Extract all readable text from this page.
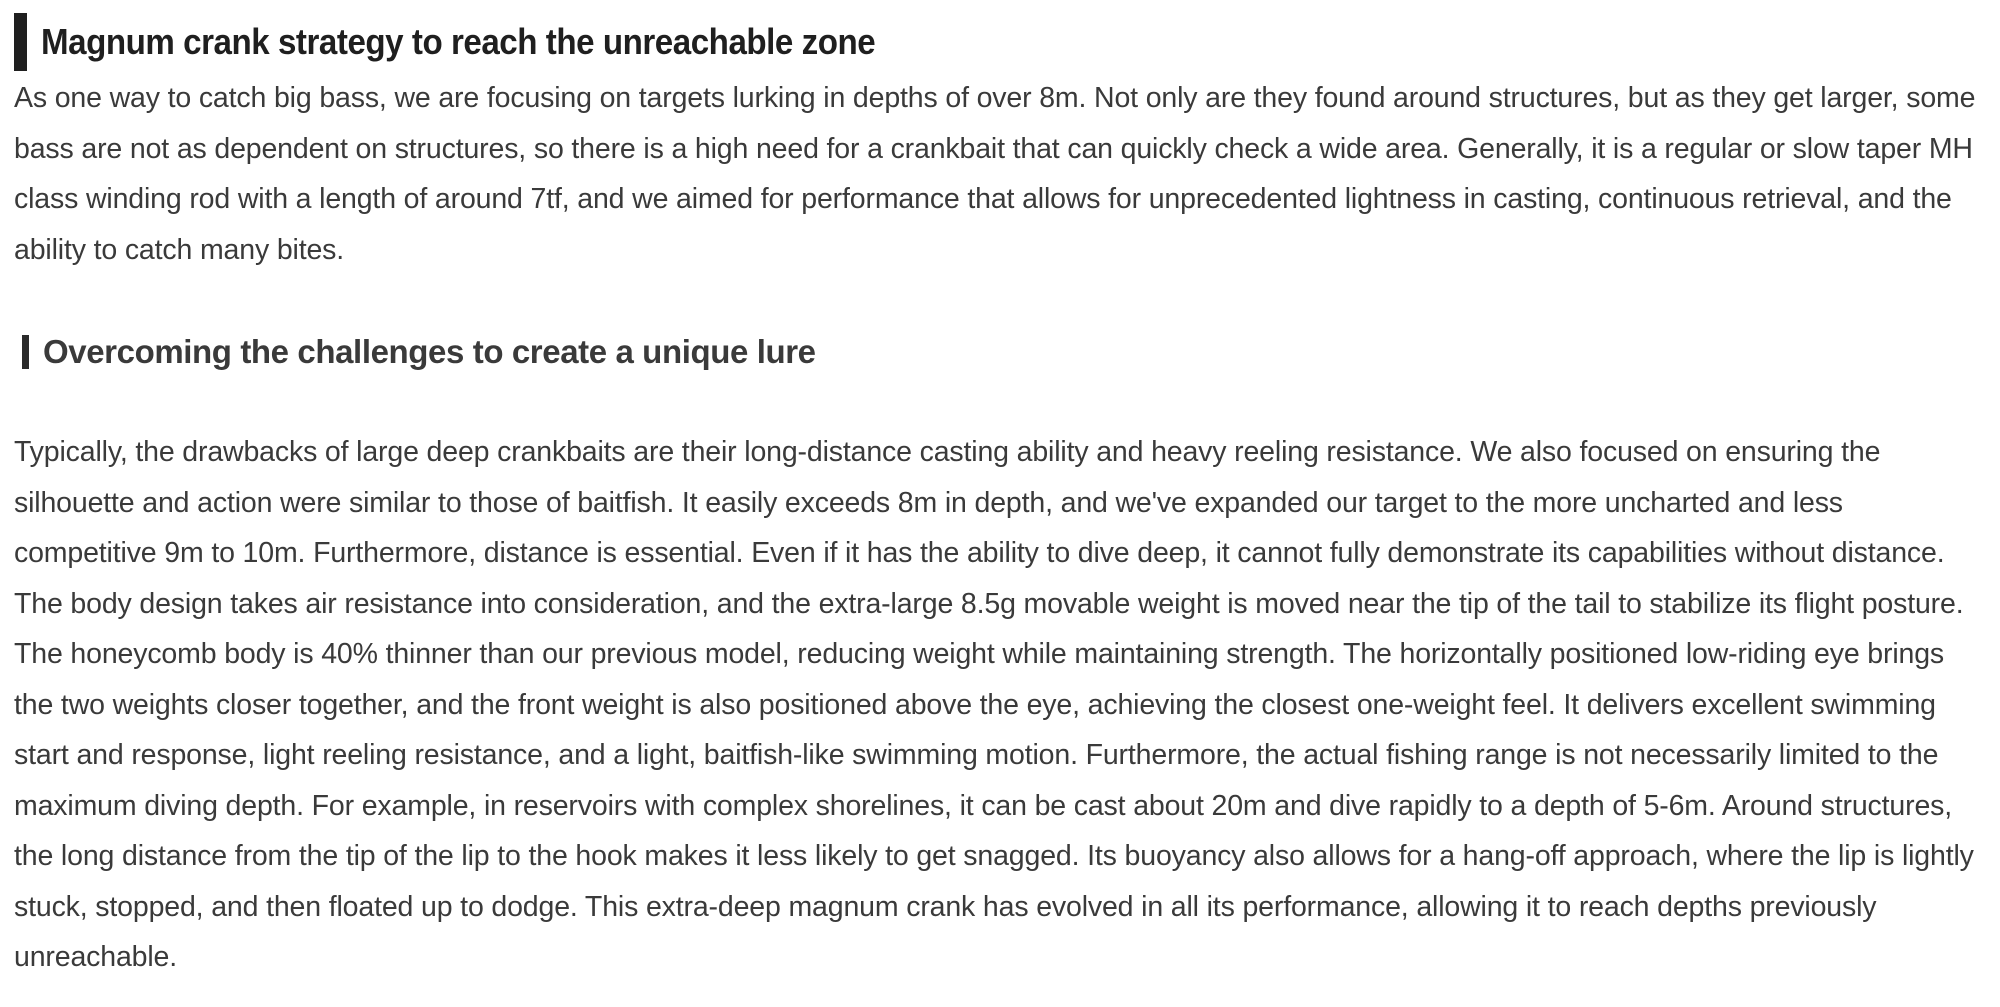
Magnum crank strategy to reach the unreachable zone

As one way to catch big bass, we are focusing on targets lurking in depths of over 8m. Not only are they found around structures, but as they get larger, some bass are not as dependent on structures, so there is a high need for a crankbait that can quickly check a wide area. Generally, it is a regular or slow taper MH class winding rod with a length of around 7tf, and we aimed for performance that allows for unprecedented lightness in casting, continuous retrieval, and the ability to catch many bites.

Overcoming the challenges to create a unique lure

Typically, the drawbacks of large deep crankbaits are their long-distance casting ability and heavy reeling resistance. We also focused on ensuring the silhouette and action were similar to those of baitfish. It easily exceeds 8m in depth, and we've expanded our target to the more uncharted and less competitive 9m to 10m. Furthermore, distance is essential. Even if it has the ability to dive deep, it cannot fully demonstrate its capabilities without distance. The body design takes air resistance into consideration, and the extra-large 8.5g movable weight is moved near the tip of the tail to stabilize its flight posture. The honeycomb body is 40% thinner than our previous model, reducing weight while maintaining strength. The horizontally positioned low-riding eye brings the two weights closer together, and the front weight is also positioned above the eye, achieving the closest one-weight feel. It delivers excellent swimming start and response, light reeling resistance, and a light, baitfish-like swimming motion. Furthermore, the actual fishing range is not necessarily limited to the maximum diving depth. For example, in reservoirs with complex shorelines, it can be cast about 20m and dive rapidly to a depth of 5-6m. Around structures, the long distance from the tip of the lip to the hook makes it less likely to get snagged. Its buoyancy also allows for a hang-off approach, where the lip is lightly stuck, stopped, and then floated up to dodge. This extra-deep magnum crank has evolved in all its performance, allowing it to reach depths previously unreachable.
